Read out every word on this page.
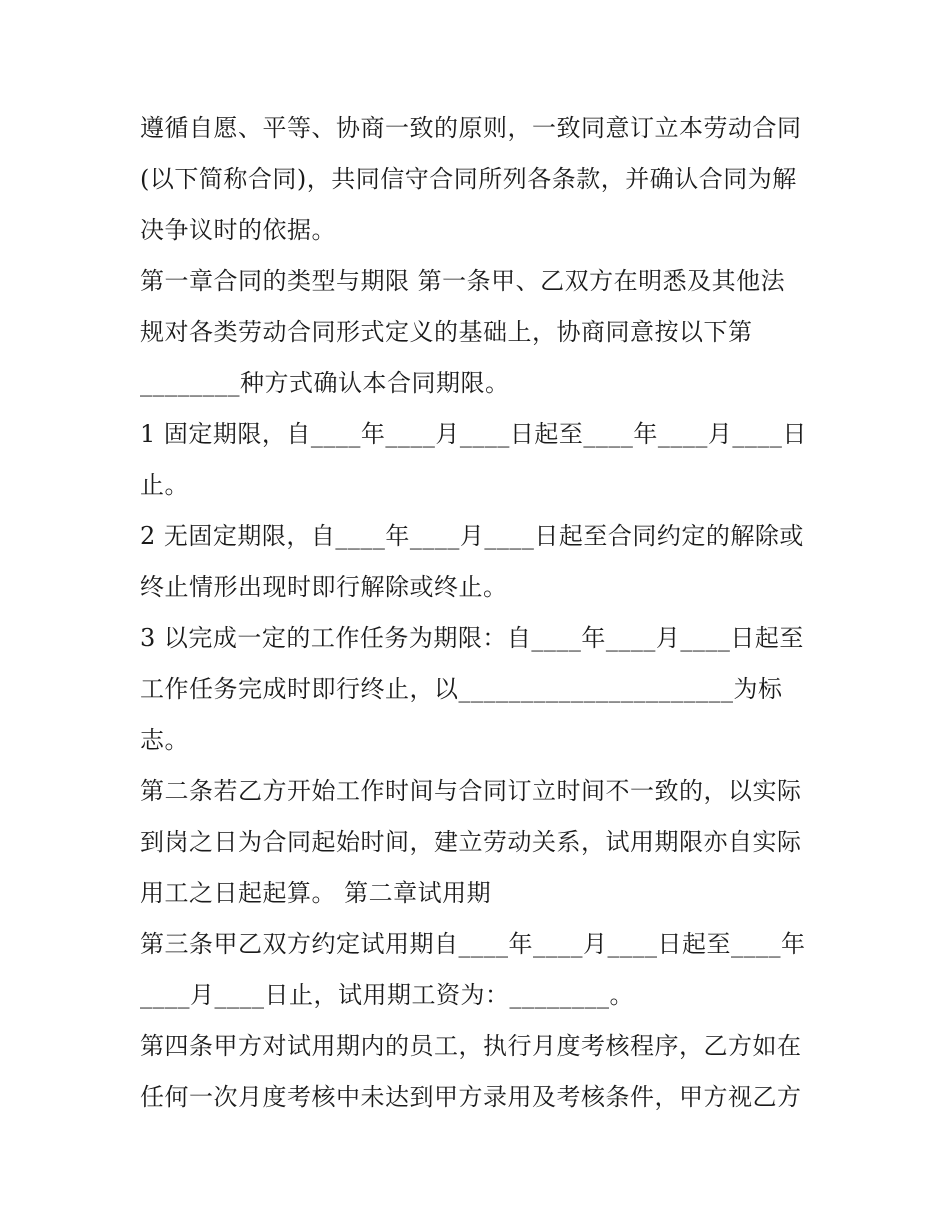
遵循自愿、平等、协商一致的原则，一致同意订立本劳动合同
(以下简称合同)，共同信守合同所列各条款，并确认合同为解
决争议时的依据。
第一章合同的类型与期限 第一条甲、乙双方在明悉及其他法
规对各类劳动合同形式定义的基础上，协商同意按以下第
________种方式确认本合同期限。
1 固定期限，自____年____月____日起至____年____月____日
止。
2 无固定期限，自____年____月____日起至合同约定的解除或
终止情形出现时即行解除或终止。
3 以完成一定的工作任务为期限：自____年____月____日起至
工作任务完成时即行终止，以______________________为标
志。
第二条若乙方开始工作时间与合同订立时间不一致的，以实际
到岗之日为合同起始时间，建立劳动关系，试用期限亦自实际
用工之日起起算。 第二章试用期
第三条甲乙双方约定试用期自____年____月____日起至____年
____月____日止，试用期工资为：________。
第四条甲方对试用期内的员工，执行月度考核程序，乙方如在
任何一次月度考核中未达到甲方录用及考核条件，甲方视乙方
